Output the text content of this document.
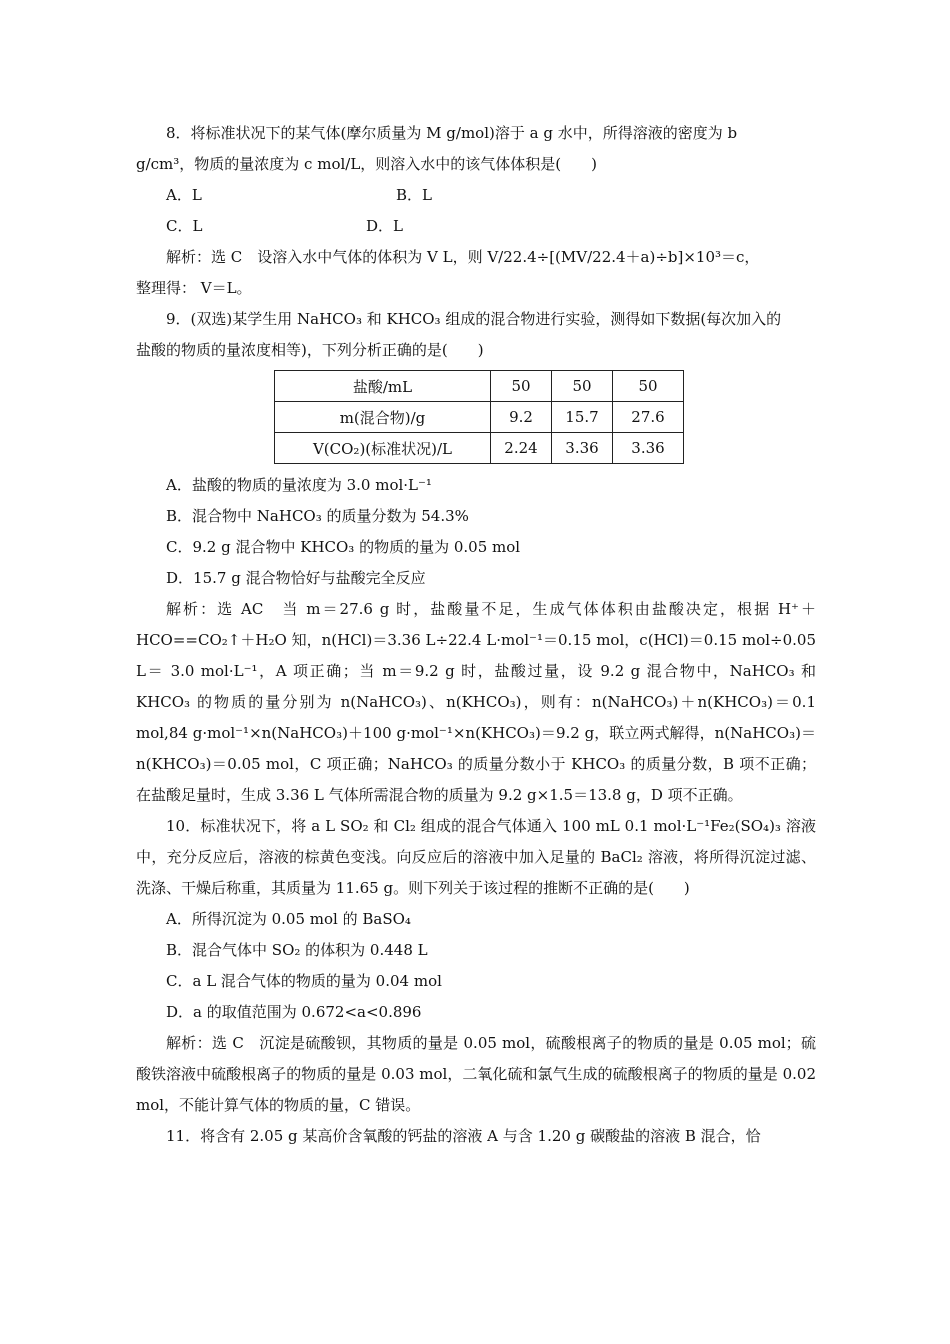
8．将标准状况下的某气体(摩尔质量为 M g/mol)溶于 a g 水中，所得溶液的密度为 b
g/cm³，物质的量浓度为 c mol/L，则溶入水中的该气体体积是(　　)
A．L	B．L
C．L	D．L
解析：选 C　设溶入水中气体的体积为 V L，则 V/22.4÷[(MV/22.4＋a)÷b]×10³＝c，
整理得： V＝L。
9．(双选)某学生用 NaHCO₃ 和 KHCO₃ 组成的混合物进行实验，测得如下数据(每次加入的
盐酸的物质的量浓度相等)，下列分析正确的是(　　)
盐酸/mL	50	50	50
m(混合物)/g	9.2	15.7	27.6
V(CO₂)(标准状况)/L	2.24	3.36	3.36
A．盐酸的物质的量浓度为 3.0 mol·L⁻¹
B．混合物中 NaHCO₃ 的质量分数为 54.3%
C．9.2 g 混合物中 KHCO₃ 的物质的量为 0.05 mol
D．15.7 g 混合物恰好与盐酸完全反应
解析：选 AC　当 m＝27.6 g 时，盐酸量不足，生成气体体积由盐酸决定，根据 H⁺＋HCO==CO₂↑＋H₂O 知，n(HCl)＝3.36 L÷22.4 L·mol⁻¹＝0.15 mol，c(HCl)＝0.15 mol÷0.05 L＝ 3.0 mol·L⁻¹，A 项正确；当 m＝9.2 g 时，盐酸过量，设 9.2 g 混合物中，NaHCO₃ 和 KHCO₃ 的物质的量分别为 n(NaHCO₃)、n(KHCO₃)，则有：n(NaHCO₃)＋n(KHCO₃)＝0.1 mol,84 g·mol⁻¹×n(NaHCO₃)＋100 g·mol⁻¹×n(KHCO₃)＝9.2 g，联立两式解得，n(NaHCO₃)＝n(KHCO₃)＝0.05 mol，C 项正确；NaHCO₃ 的质量分数小于 KHCO₃ 的质量分数，B 项不正确；在盐酸足量时，生成 3.36 L 气体所需混合物的质量为 9.2 g×1.5＝13.8 g，D 项不正确。
10．标准状况下，将 a L SO₂ 和 Cl₂ 组成的混合气体通入 100 mL 0.1 mol·L⁻¹Fe₂(SO₄)₃ 溶液中，充分反应后，溶液的棕黄色变浅。向反应后的溶液中加入足量的 BaCl₂ 溶液，将所得沉淀过滤、洗涤、干燥后称重，其质量为 11.65 g。则下列关于该过程的推断不正确的是(　　)
A．所得沉淀为 0.05 mol 的 BaSO₄
B．混合气体中 SO₂ 的体积为 0.448 L
C．a L 混合气体的物质的量为 0.04 mol
D．a 的取值范围为 0.672<a<0.896
解析：选 C　沉淀是硫酸钡，其物质的量是 0.05 mol，硫酸根离子的物质的量是 0.05 mol；硫酸铁溶液中硫酸根离子的物质的量是 0.03 mol，二氧化硫和氯气生成的硫酸根离子的物质的量是 0.02 mol，不能计算气体的物质的量，C 错误。
11．将含有 2.05 g 某高价含氧酸的钙盐的溶液 A 与含 1.20 g 碳酸盐的溶液 B 混合，恰
